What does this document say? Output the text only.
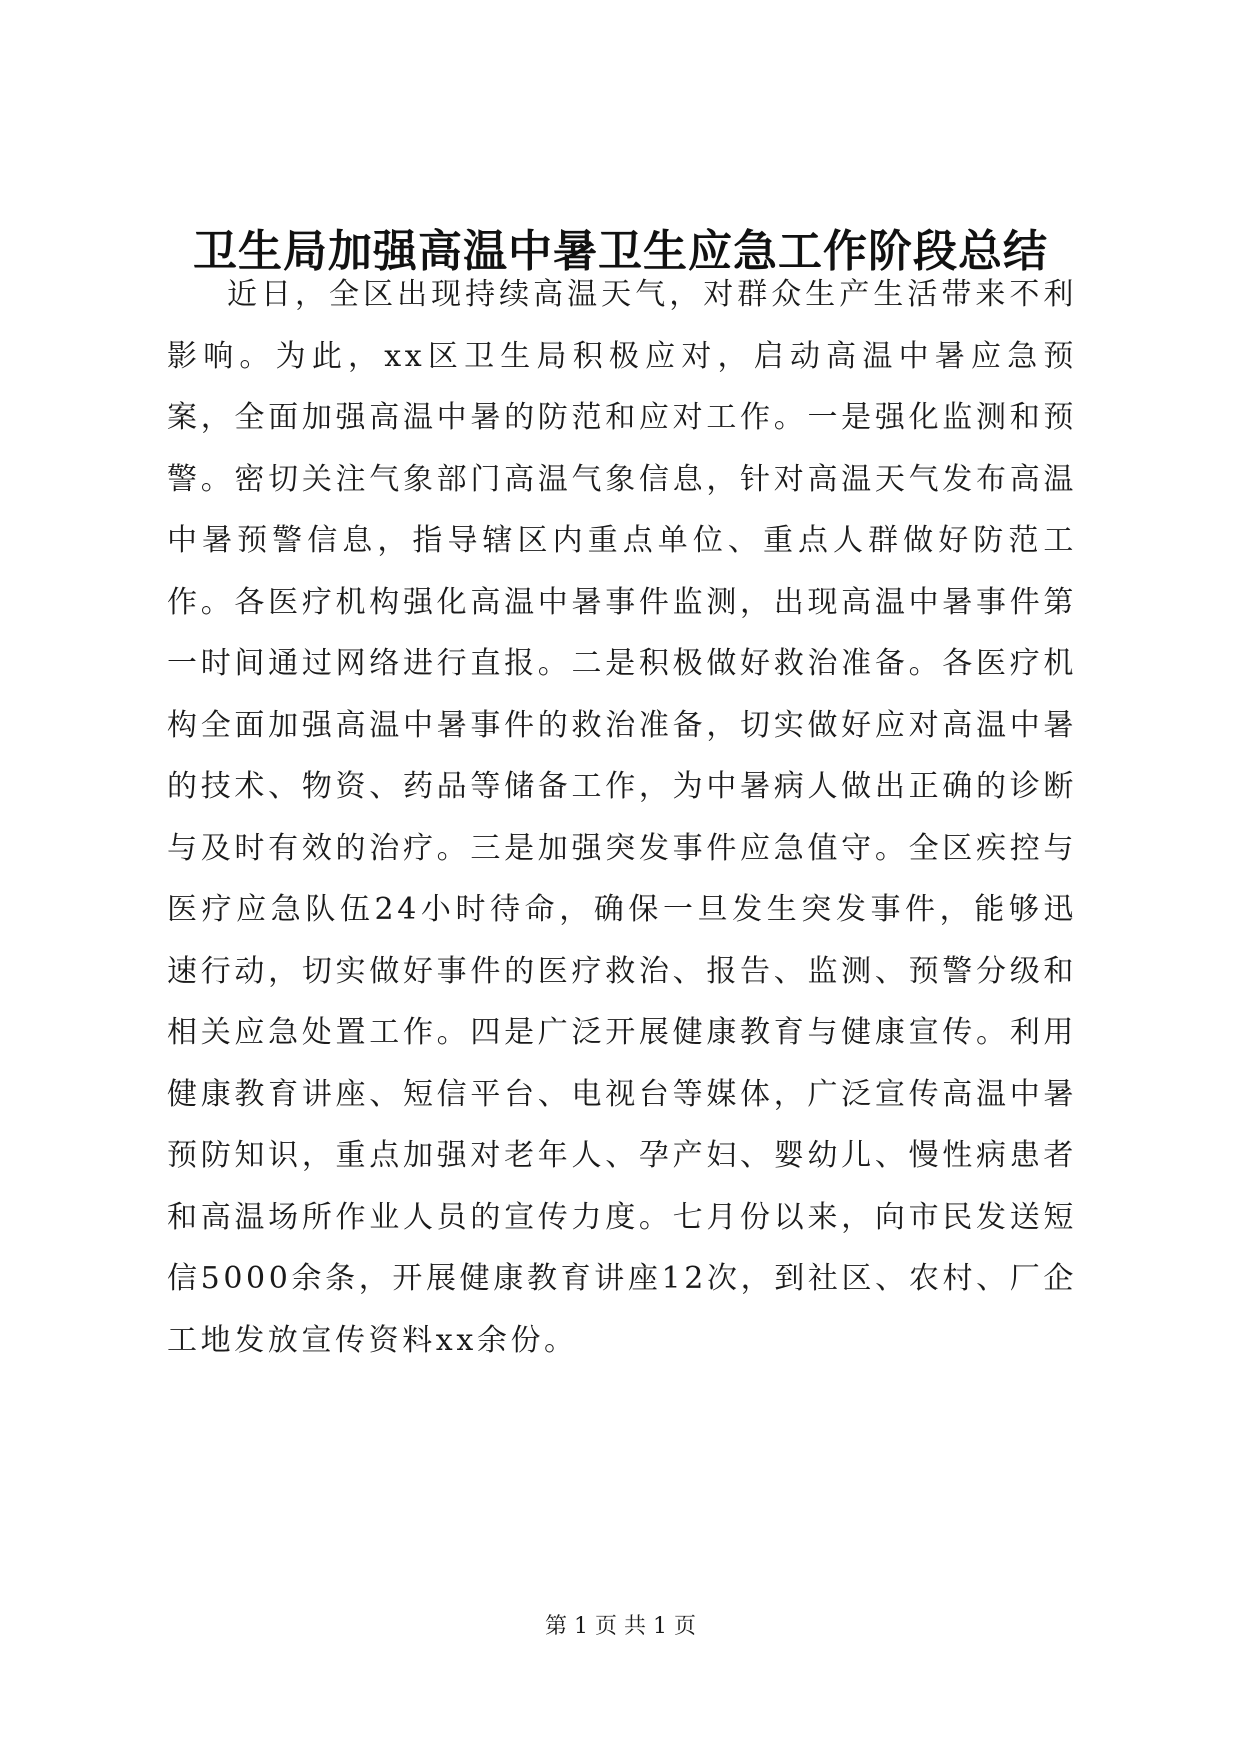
卫生局加强高温中暑卫生应急工作阶段总结

近日，全区出现持续高温天气，对群众生产生活带来不利影响。为此，xx区卫生局积极应对，启动高温中暑应急预案，全面加强高温中暑的防范和应对工作。一是强化监测和预警。密切关注气象部门高温气象信息，针对高温天气发布高温中暑预警信息，指导辖区内重点单位、重点人群做好防范工作。各医疗机构强化高温中暑事件监测，出现高温中暑事件第一时间通过网络进行直报。二是积极做好救治准备。各医疗机构全面加强高温中暑事件的救治准备，切实做好应对高温中暑的技术、物资、药品等储备工作，为中暑病人做出正确的诊断与及时有效的治疗。三是加强突发事件应急值守。全区疾控与医疗应急队伍24小时待命，确保一旦发生突发事件，能够迅速行动，切实做好事件的医疗救治、报告、监测、预警分级和相关应急处置工作。四是广泛开展健康教育与健康宣传。利用健康教育讲座、短信平台、电视台等媒体，广泛宣传高温中暑预防知识，重点加强对老年人、孕产妇、婴幼儿、慢性病患者和高温场所作业人员的宣传力度。七月份以来，向市民发送短信5000余条，开展健康教育讲座12次，到社区、农村、厂企工地发放宣传资料xx余份。

第 1 页 共 1 页
